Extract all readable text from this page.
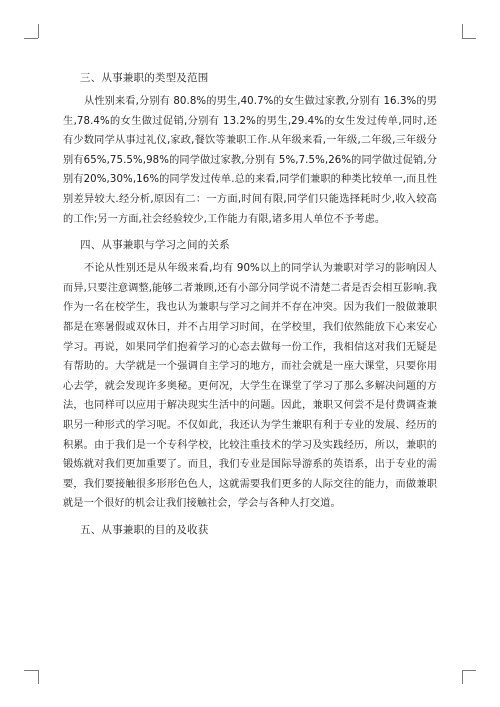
三、从事兼职的类型及范围

从性别来看,分别有 80.8%的男生,40.7%的女生做过家教,分别有 16.3%的男生,78.4%的女生做过促销,分别有 13.2%的男生,29.4%的女生发过传单,同时,还有少数同学从事过礼仪,家政,餐饮等兼职工作.从年级来看,一年级,二年级,三年级分别有65%,75.5%,98%的同学做过家教,分别有 5%,7.5%,26%的同学做过促销,分别有20%,30%,16%的同学发过传单.总的来看,同学们兼职的种类比较单一,而且性别差异较大.经分析,原因有二：一方面,时间有限,同学们只能选择耗时少,收入较高的工作;另一方面,社会经验较少,工作能力有限,诸多用人单位不予考虑。

四、从事兼职与学习之间的关系

不论从性别还是从年级来看,均有 90%以上的同学认为兼职对学习的影响因人而异,只要注意调整,能够二者兼顾,还有小部分同学说不清楚二者是否会相互影响.我作为一名在校学生，我也认为兼职与学习之间并不存在冲突。因为我们一般做兼职都是在寒暑假或双休日，并不占用学习时间，在学校里，我们依然能放下心来安心学习。再说，如果同学们抱着学习的心态去做每一份工作，我相信这对我们无疑是有帮助的。大学就是一个强调自主学习的地方，而社会就是一座大课堂，只要你用心去学，就会发现许多奥秘。更何况，大学生在课堂了学习了那么多解决问题的方法，也同样可以应用于解决现实生活中的问题。因此，兼职又何尝不是付费调查兼职另一种形式的学习呢。不仅如此，我还认为学生兼职有利于专业的发展、经历的积累。由于我们是一个专科学校，比较注重技术的学习及实践经历，所以，兼职的锻炼就对我们更加重要了。而且，我们专业是国际导游系的英语系，出于专业的需要，我们要接触很多形形色色人，这就需要我们更多的人际交往的能力，而做兼职就是一个很好的机会让我们接触社会，学会与各种人打交道。

五、从事兼职的目的及收获
